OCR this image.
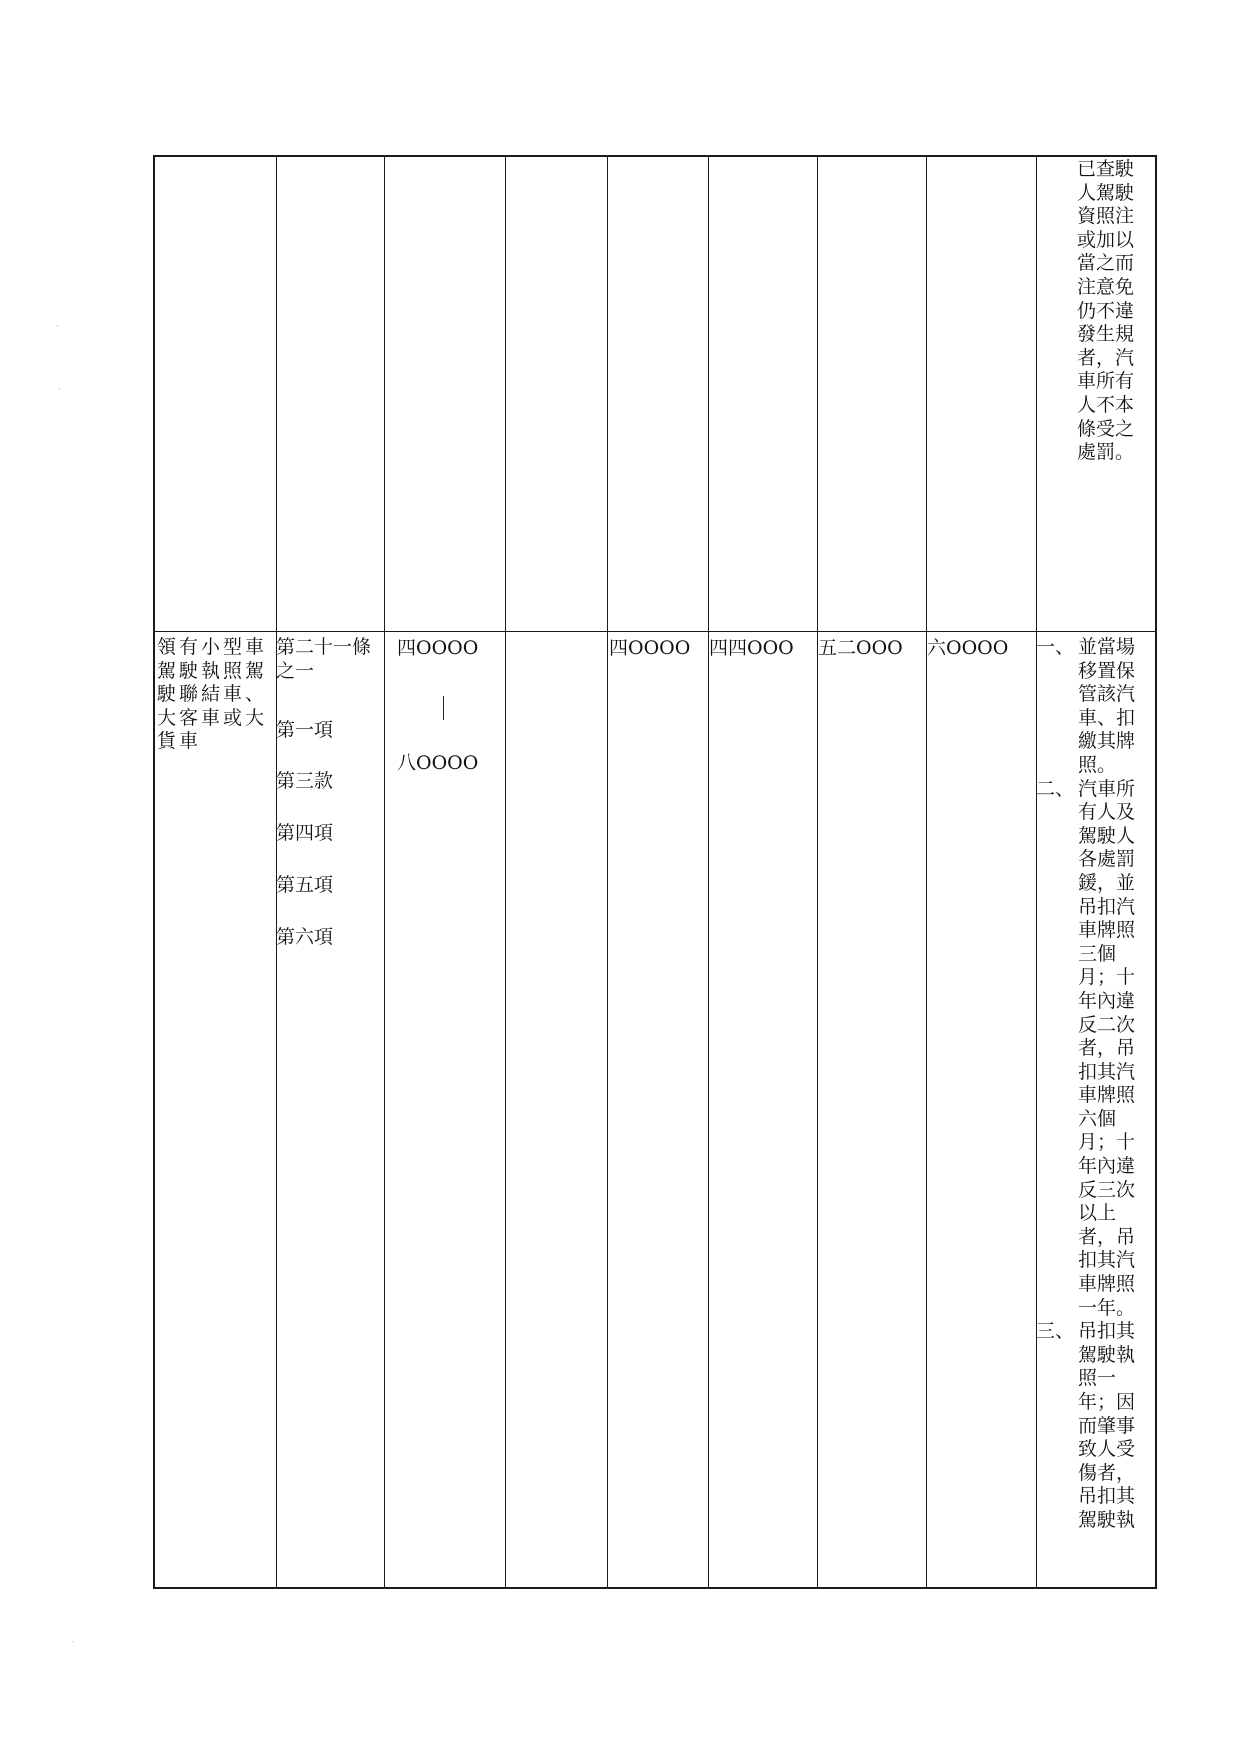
已查駛人駕駛資照注或加以當之而注意免仍不違發生規者，汽車所有人不本條受之處罰。
領有小型車駕駛執照駕駛聯結車、大客車或大貨車
第二十一條之一
第一項
第三款
第四項
第五項
第六項
四OOOO
八OOOO
四OOOO 四四OOO 五二OOO 六OOOO 一、 並當場移置保管該汽車、扣繳其牌照。
二、 汽車所有人及駕駛人各處罰鍰，並吊扣汽車牌照三個月；十年內違反二次者，吊扣其汽車牌照六個月；十年內違反三次以上者，吊扣其汽車牌照一年。
三、 吊扣其駕駛執照一年；因而肇事致人受傷者，吊扣其駕駛執
‧
‧
‧
